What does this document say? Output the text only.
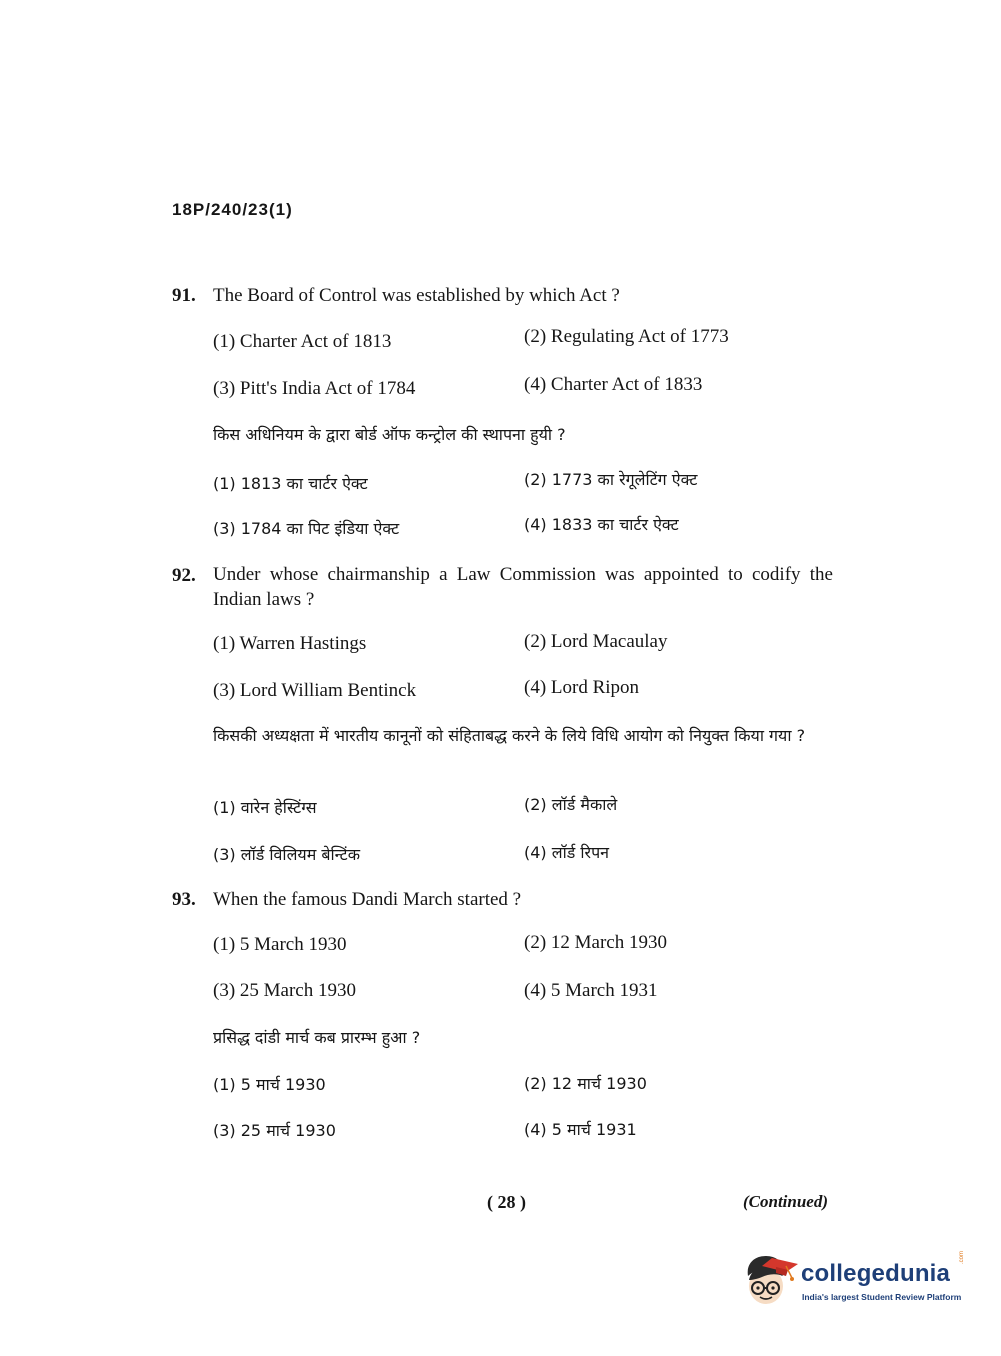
18P/240/23(1)
91. The Board of Control was established by which Act ?
(1) Charter Act of 1813	(2) Regulating Act of 1773
(3) Pitt's India Act of 1784	(4) Charter Act of 1833
किस अधिनियम के द्वारा बोर्ड ऑफ कन्ट्रोल की स्थापना हुयी ?
(1) 1813 का चार्टर ऐक्ट	(2) 1773 का रेगूलेटिंग ऐक्ट
(3) 1784 का पिट इंडिया ऐक्ट	(4) 1833 का चार्टर ऐक्ट
92. Under whose chairmanship a Law Commission was appointed to codify the Indian laws ?
(1) Warren Hastings	(2) Lord Macaulay
(3) Lord William Bentinck	(4) Lord Ripon
किसकी अध्यक्षता में भारतीय कानूनों को संहिताबद्ध करने के लिये विधि आयोग को नियुक्त किया गया ?
(1) वारेन हेस्टिंग्स	(2) लॉर्ड मैकाले
(3) लॉर्ड विलियम बेन्टिंक	(4) लॉर्ड रिपन
93. When the famous Dandi March started ?
(1) 5 March 1930	(2) 12 March 1930
(3) 25 March 1930	(4) 5 March 1931
प्रसिद्ध दांडी मार्च कब प्रारम्भ हुआ ?
(1) 5 मार्च 1930	(2) 12 मार्च 1930
(3) 25 मार्च 1930	(4) 5 मार्च 1931
( 28 )	(Continued)
collegedunia
.com
India's largest Student Review Platform
